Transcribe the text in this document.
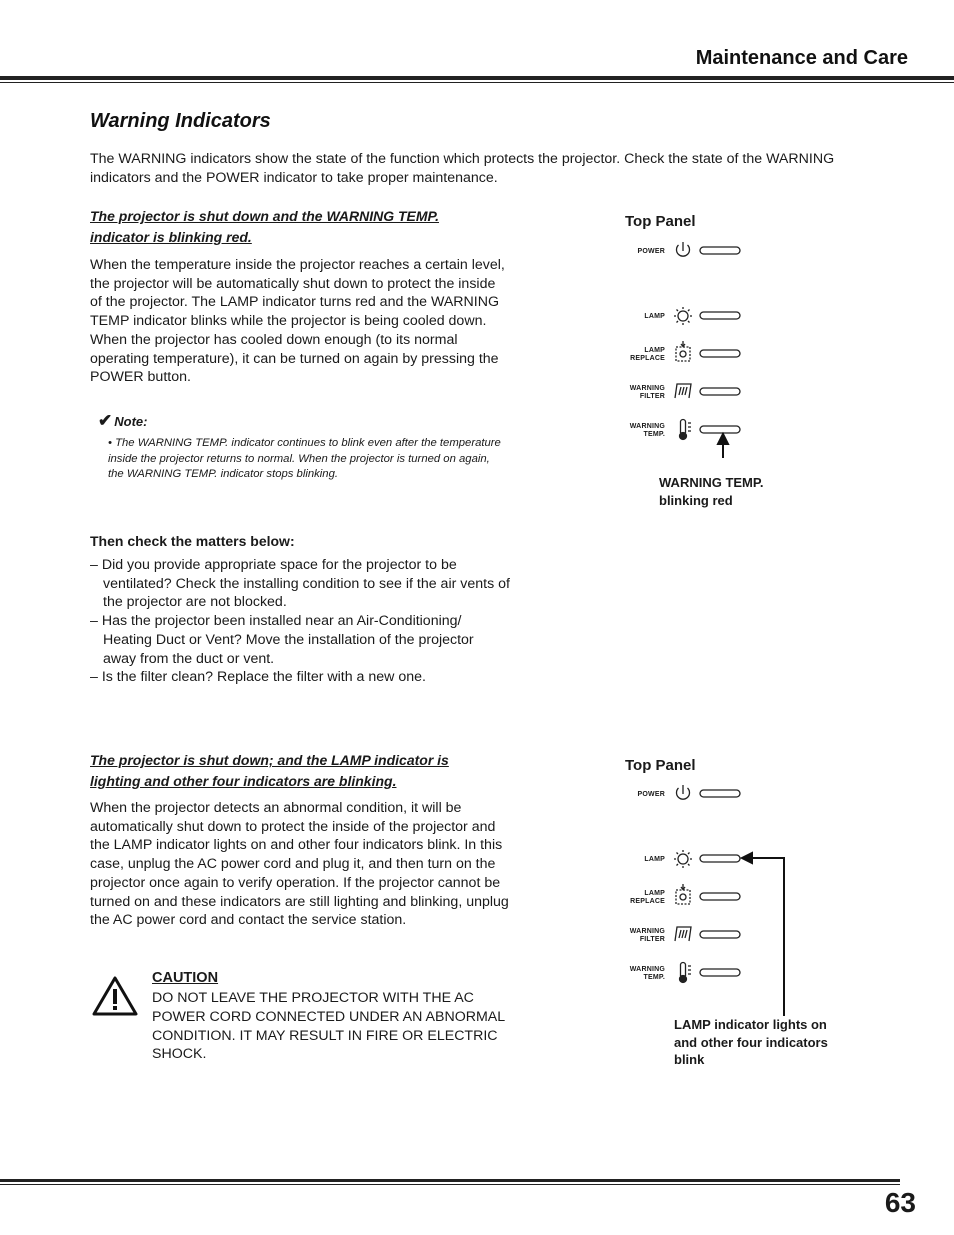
Maintenance and Care
Warning Indicators
The WARNING indicators show the state of the function which protects the projector. Check the state of the WARNING indicators and the POWER indicator to take proper maintenance.
The projector is shut down and the WARNING TEMP. indicator is blinking red.
When the temperature inside the projector reaches a certain level, the projector will be automatically shut down to protect the inside of the projector. The LAMP indicator turns red and the WARNING TEMP indicator blinks while the projector is being cooled down. When the projector has cooled down enough (to its normal operating temperature), it can be turned on again by pressing the POWER button.
✔ Note:
• The WARNING TEMP. indicator continues to blink even after the temperature inside the projector returns to normal. When the projector is turned on again, the WARNING TEMP. indicator stops blinking.
Then check the matters below:
– Did you provide appropriate space for the projector to be ventilated? Check the installing condition to see if the air vents of the projector are not blocked.
– Has the projector been installed near an Air-Conditioning/ Heating Duct or Vent? Move the installation of the projector away from the duct or vent.
– Is the filter clean? Replace the filter with a new one.
Top Panel
POWER
LAMP
LAMP
REPLACE
WARNING
FILTER
WARNING
TEMP.
WARNING TEMP. blinking red
The projector is shut down; and the LAMP indicator is lighting and other four indicators are blinking.
When the projector detects an abnormal condition, it will be automatically shut down to protect the inside of the projector and the LAMP indicator lights on and other four indicators blink. In this case, unplug the AC power cord and plug it, and then turn on the projector once again to verify operation. If the projector cannot be turned on and these indicators are still lighting and blinking, unplug the AC power cord and contact the service station.
CAUTION
DO NOT LEAVE THE PROJECTOR WITH THE AC POWER CORD CONNECTED UNDER AN ABNORMAL CONDITION. IT MAY RESULT IN FIRE OR ELECTRIC SHOCK.
Top Panel
POWER
LAMP
LAMP
REPLACE
WARNING
FILTER
WARNING
TEMP.
LAMP indicator lights on and other four indicators blink
63
